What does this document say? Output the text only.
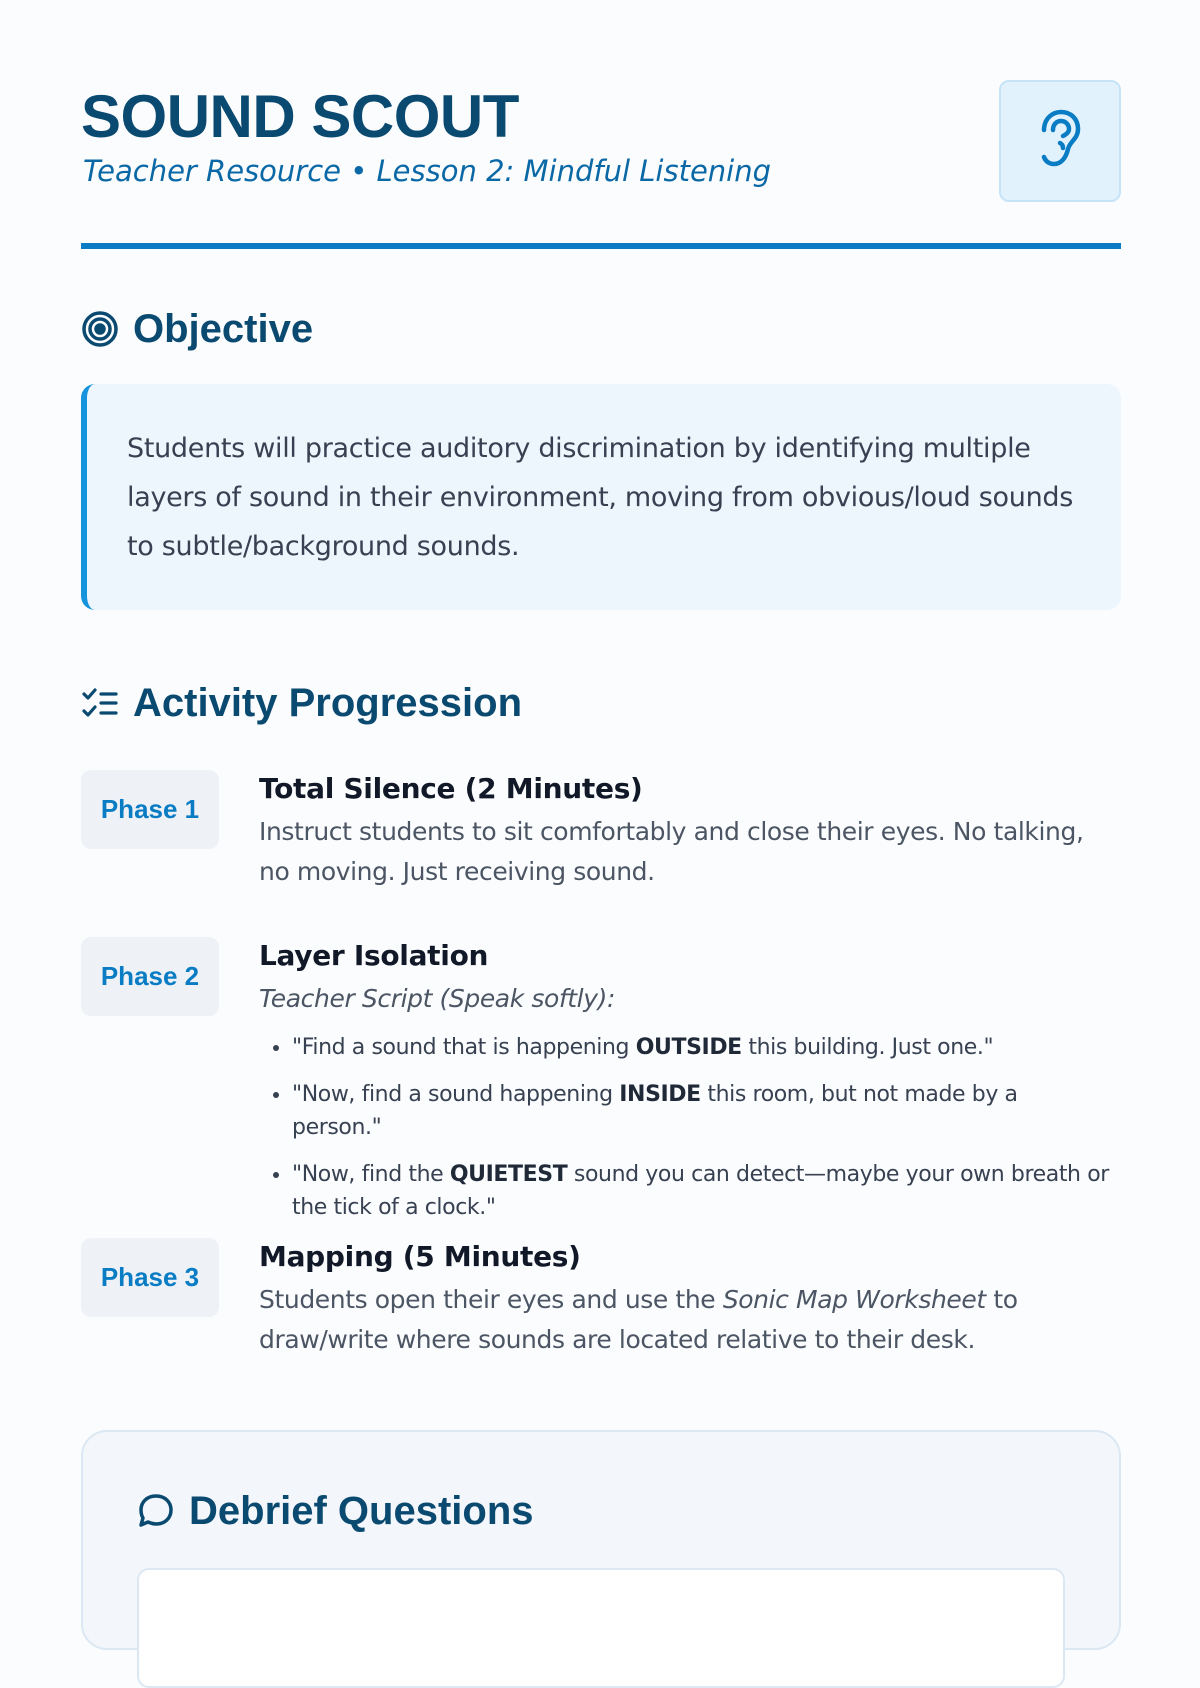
SOUND SCOUT
Teacher Resource • Lesson 2: Mindful Listening
Objective

Students will practice auditory discrimination by identifying multiple layers of sound in their environment, moving from obvious/loud sounds to subtle/background sounds.

Activity Progression
Phase 1
Total Silence (2 Minutes)

Instruct students to sit comfortably and close their eyes. No talking, no moving. Just receiving sound.

Phase 2
Layer Isolation

Teacher Script (Speak softly):

• "Find a sound that is happening OUTSIDE this building. Just one."
• "Now, find a sound happening INSIDE this room, but not made by a person."
• "Now, find the QUIETEST sound you can detect—maybe your own breath or the tick of a clock."
Phase 3
Mapping (5 Minutes)

Students open their eyes and use the Sonic Map Worksheet to draw/write where sounds are located relative to their desk.

Debrief Questions
